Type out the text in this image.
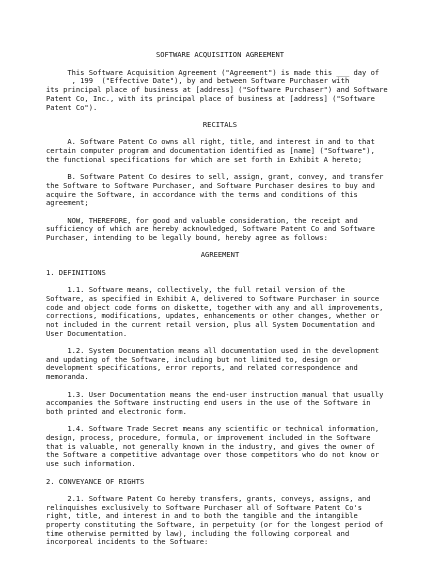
SOFTWARE ACQUISITION AGREEMENT
This Software Acquisition Agreement ("Agreement") is made this ___ day of
, 199  ("Effective Date"), by and between Software Purchaser with
its principal place of business at [address] ("Software Purchaser") and Software
Patent Co, Inc., with its principal place of business at [address] ("Software
Patent Co").
RECITALS
A. Software Patent Co owns all right, title, and interest in and to that
certain computer program and documentation identified as [name] ("Software"),
the functional specifications for which are set forth in Exhibit A hereto;
B. Software Patent Co desires to sell, assign, grant, convey, and transfer
the Software to Software Purchaser, and Software Purchaser desires to buy and
acquire the Software, in accordance with the terms and conditions of this
agreement;
NOW, THEREFORE, for good and valuable consideration, the receipt and
sufficiency of which are hereby acknowledged, Software Patent Co and Software
Purchaser, intending to be legally bound, hereby agree as follows:
AGREEMENT
1. DEFINITIONS
1.1. Software means, collectively, the full retail version of the
Software, as specified in Exhibit A, delivered to Software Purchaser in source
code and object code forms on diskette, together with any and all improvements,
corrections, modifications, updates, enhancements or other changes, whether or
not included in the current retail version, plus all System Documentation and
User Documentation.
1.2. System Documentation means all documentation used in the development
and updating of the Software, including but not limited to, design or
development specifications, error reports, and related correspondence and
memoranda.
1.3. User Documentation means the end-user instruction manual that usually
accompanies the Software instructing end users in the use of the Software in
both printed and electronic form.
1.4. Software Trade Secret means any scientific or technical information,
design, process, procedure, formula, or improvement included in the Software
that is valuable, not generally known in the industry, and gives the owner of
the Software a competitive advantage over those competitors who do not know or
use such information.
2. CONVEYANCE OF RIGHTS
2.1. Software Patent Co hereby transfers, grants, conveys, assigns, and
relinquishes exclusively to Software Purchaser all of Software Patent Co's
right, title, and interest in and to both the tangible and the intangible
property constituting the Software, in perpetuity (or for the longest period of
time otherwise permitted by law), including the following corporeal and
incorporeal incidents to the Software:
